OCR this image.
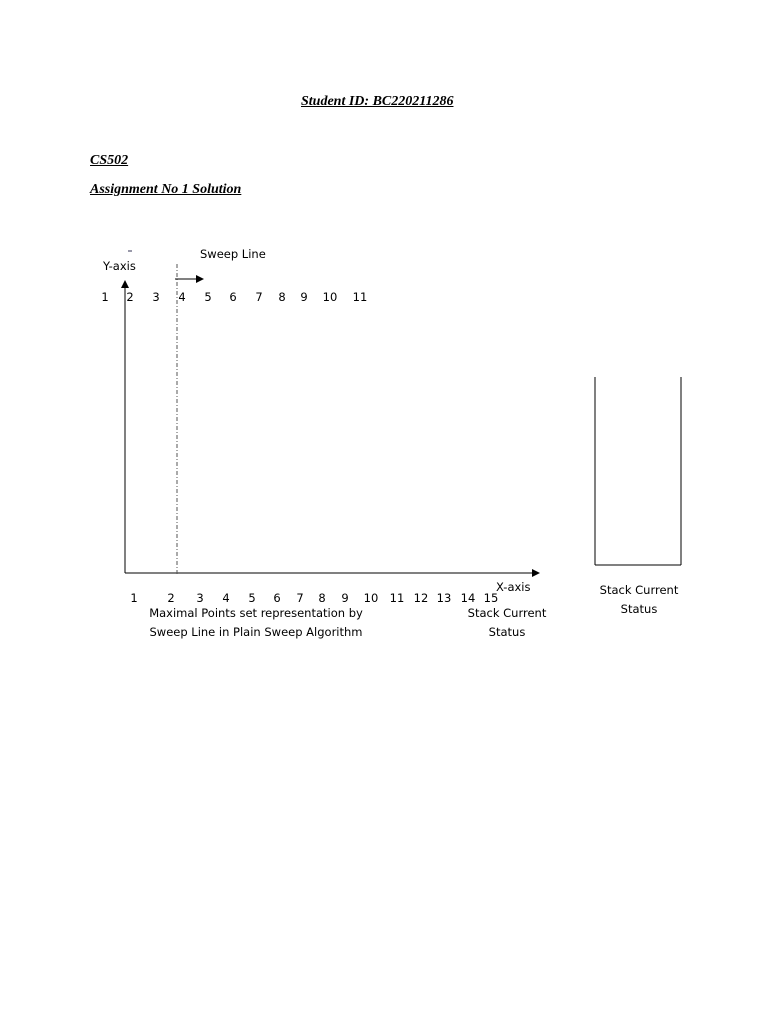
Student ID: BC220211286
CS502
Assignment No 1 Solution
Y-axis
Sweep Line
X-axis
1 2 3 4 5 6 7 8 9 10 11
1	2 3 4 5 6 7 8 9 10 11 12 13 14 15
Maximal Points set representation by
Sweep Line in Plain Sweep Algorithm
Stack Current
Status
Stack Current
Status
